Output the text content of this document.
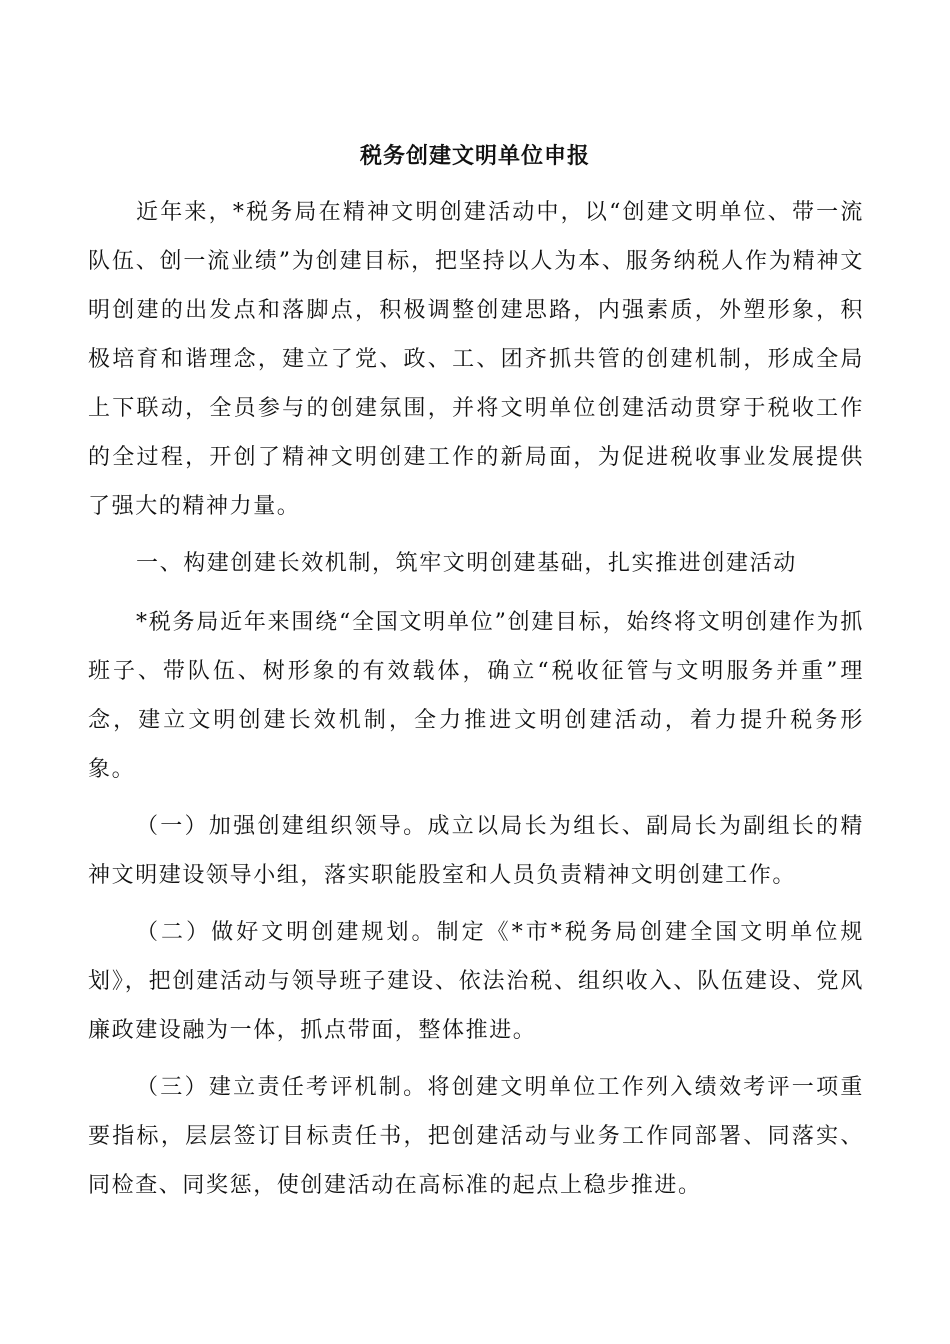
税务创建文明单位申报

近年来，*税务局在精神文明创建活动中，以“创建文明单位、带一流队伍、创一流业绩”为创建目标，把坚持以人为本、服务纳税人作为精神文明创建的出发点和落脚点，积极调整创建思路，内强素质，外塑形象，积极培育和谐理念，建立了党、政、工、团齐抓共管的创建机制，形成全局上下联动，全员参与的创建氛围，并将文明单位创建活动贯穿于税收工作的全过程，开创了精神文明创建工作的新局面，为促进税收事业发展提供了强大的精神力量。

一、构建创建长效机制，筑牢文明创建基础，扎实推进创建活动

*税务局近年来围绕“全国文明单位”创建目标，始终将文明创建作为抓班子、带队伍、树形象的有效载体，确立“税收征管与文明服务并重”理念，建立文明创建长效机制，全力推进文明创建活动，着力提升税务形象。

（一）加强创建组织领导。成立以局长为组长、副局长为副组长的精神文明建设领导小组，落实职能股室和人员负责精神文明创建工作。

（二）做好文明创建规划。制定《*市*税务局创建全国文明单位规划》，把创建活动与领导班子建设、依法治税、组织收入、队伍建设、党风廉政建设融为一体，抓点带面，整体推进。

（三）建立责任考评机制。将创建文明单位工作列入绩效考评一项重要指标，层层签订目标责任书，把创建活动与业务工作同部署、同落实、同检查、同奖惩，使创建活动在高标准的起点上稳步推进。
